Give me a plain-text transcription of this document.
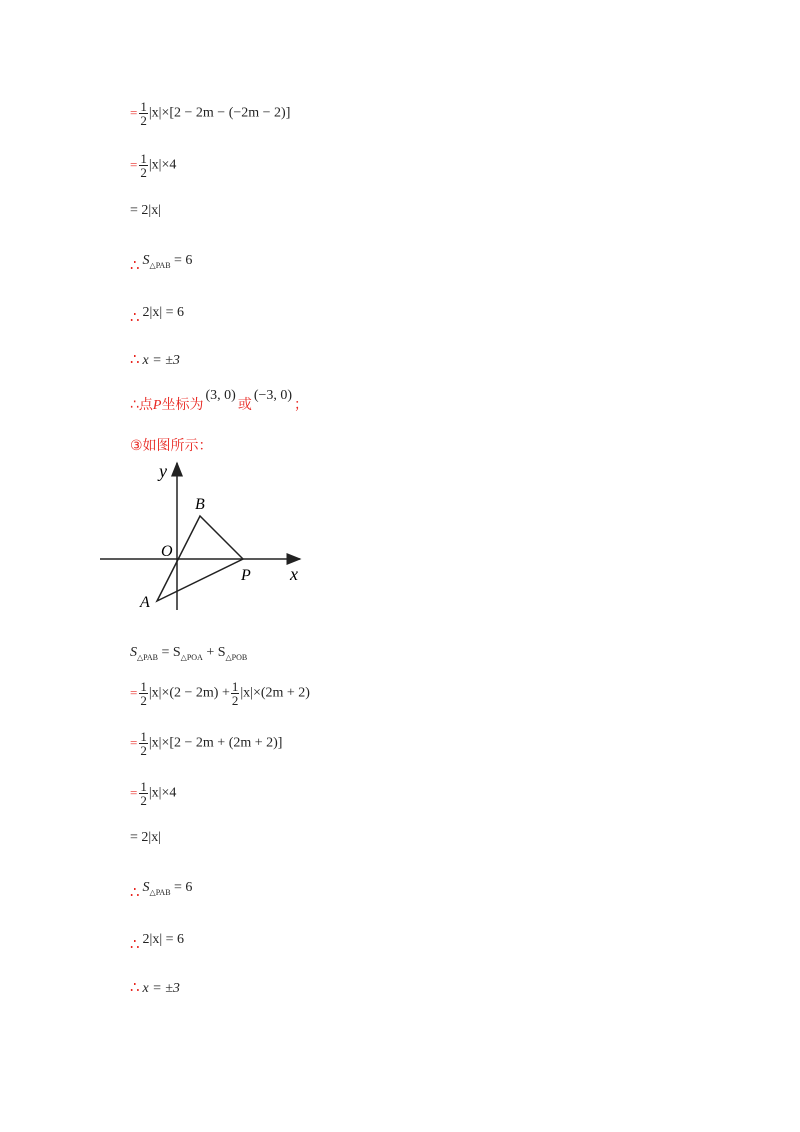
= $\frac{1}{2} |x|\times[2 - 2m - (-2m - 2)]$
= $\frac{1}{2} |x|\times 4$
= 2|x|
∴ $S_{\triangle PAB} = 6$
∴ 2|x| = 6
∴ x = ±3
∴点P坐标为(3, 0)或(−3, 0)；
③如图所示：
y
x
O
A
B
P
$S_{\triangle PAB} = S_{\triangle POA} + S_{\triangle POB}$
= $\frac{1}{2} |x|\times(2 - 2m) + \frac{1}{2} |x|\times(2m + 2)$
= $\frac{1}{2} |x|\times[2 - 2m + (2m + 2)]$
= $\frac{1}{2} |x|\times 4$
= 2|x|
∴ $S_{\triangle PAB} = 6$
∴ 2|x| = 6
∴ x = ±3
